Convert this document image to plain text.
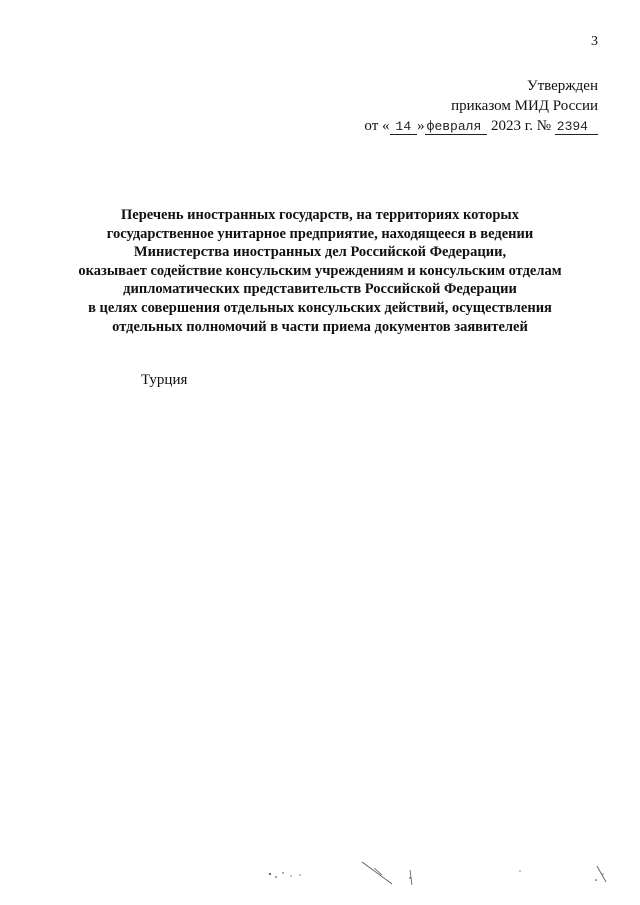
3
Утвержден
приказом МИД России
от « 14 » февраля 2023 г. № 2394
Перечень иностранных государств, на территориях которых
государственное унитарное предприятие, находящееся в ведении
Министерства иностранных дел Российской Федерации,
оказывает содействие консульским учреждениям и консульским отделам
дипломатических представительств Российской Федерации
в целях совершения отдельных консульских действий, осуществления
отдельных полномочий в части приема документов заявителей
Турция
